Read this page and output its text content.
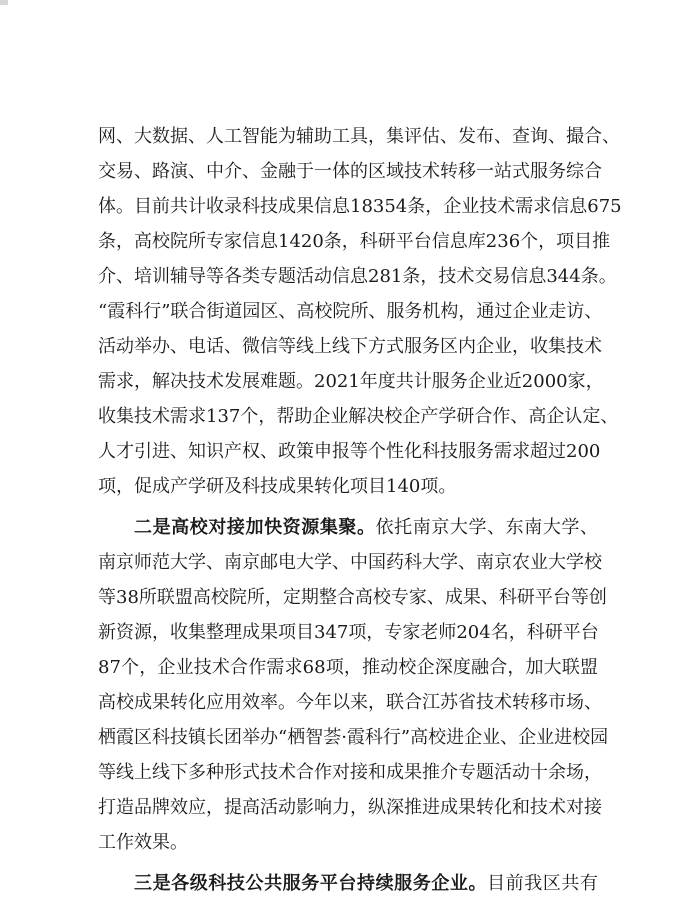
网、大数据、人工智能为辅助工具，集评估、发布、查询、撮合、
交易、路演、中介、金融于一体的区域技术转移一站式服务综合
体。目前共计收录科技成果信息18354条，企业技术需求信息675
条，高校院所专家信息1420条，科研平台信息库236个，项目推
介、培训辅导等各类专题活动信息281条，技术交易信息344条。
“霞科行”联合街道园区、高校院所、服务机构，通过企业走访、
活动举办、电话、微信等线上线下方式服务区内企业，收集技术
需求，解决技术发展难题。2021年度共计服务企业近2000家，
收集技术需求137个，帮助企业解决校企产学研合作、高企认定、
人才引进、知识产权、政策申报等个性化科技服务需求超过200
项，促成产学研及科技成果转化项目140项。

二是高校对接加快资源集聚。依托南京大学、东南大学、
南京师范大学、南京邮电大学、中国药科大学、南京农业大学校
等38所联盟高校院所，定期整合高校专家、成果、科研平台等创
新资源，收集整理成果项目347项，专家老师204名，科研平台
87个，企业技术合作需求68项，推动校企深度融合，加大联盟
高校成果转化应用效率。今年以来，联合江苏省技术转移市场、
栖霞区科技镇长团举办“栖智荟·霞科行”高校进企业、企业进校园
等线上线下多种形式技术合作对接和成果推介专题活动十余场，
打造品牌效应，提高活动影响力，纵深推进成果转化和技术对接
工作效果。

三是各级科技公共服务平台持续服务企业。目前我区共有
